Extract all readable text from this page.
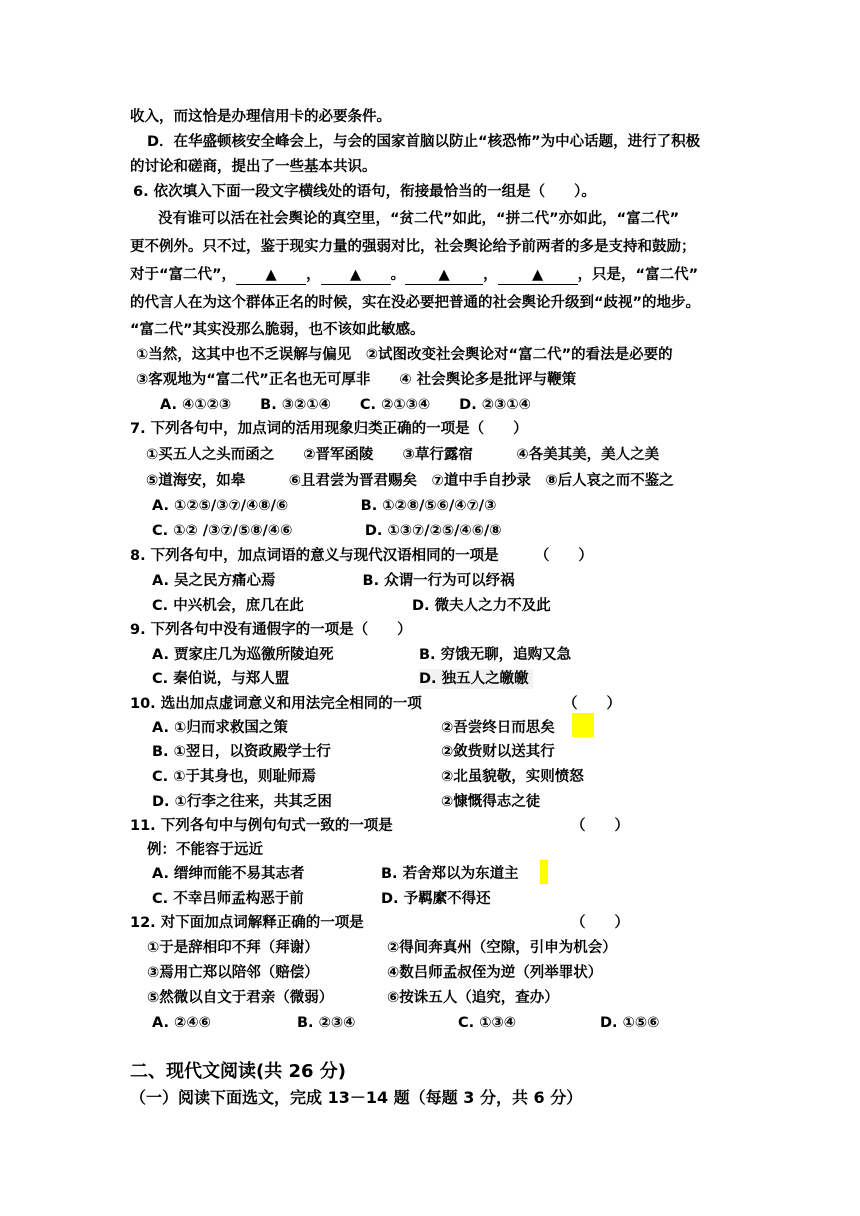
收入，而这恰是办理信用卡的必要条件。
D．在华盛顿核安全峰会上，与会的国家首脑以防止“核恐怖”为中心话题，进行了积极
的讨论和磋商，提出了一些基本共识。
6. 依次填入下面一段文字横线处的语句，衔接最恰当的一组是（　　）。
没有谁可以活在社会舆论的真空里，“贫二代”如此，“拼二代”亦如此，“富二代”
更不例外。只不过，鉴于现实力量的强弱对比，社会舆论给予前两者的多是支持和鼓励；
对于“富二代”， ▲ ， ▲ 。 ▲ ， ▲ ，只是，“富二代”
的代言人在为这个群体正名的时候，实在没必要把普通的社会舆论升级到“歧视”的地步。
“富二代”其实没那么脆弱，也不该如此敏感。
①当然，这其中也不乏误解与偏见　②试图改变社会舆论对“富二代”的看法是必要的
③客观地为“富二代”正名也无可厚非　　④ 社会舆论多是批评与鞭策
A. ④①②③　　B. ③②①④　　C. ②①③④　　D. ②③①④
7. 下列各句中，加点词的活用现象归类正确的一项是（　　）
①买五人之头而函之　　②晋军函陵　　③草行露宿　　　④各美其美，美人之美
⑤道海安，如皋　　　⑥且君尝为晋君赐矣　⑦道中手自抄录　⑧后人哀之而不鉴之
A. ①②⑤/③⑦/④⑧/⑥　　　　　B. ①②⑧/⑤⑥/④⑦/③
C. ①② /③⑦/⑤⑧/④⑥　　　　　D. ①③⑦/②⑤/④⑥/⑧
8. 下列各句中，加点词语的意义与现代汉语相同的一项是　　　（　　）
A. 吴之民方痛心焉　　　　　　B. 众谓一行为可以纾祸
C. 中兴机会，庶几在此	D. 微夫人之力不及此
9. 下列各句中没有通假字的一项是（　　）
A. 贾家庄几为巡徼所陵迫死	B. 穷饿无聊，追购又急
C. 秦伯说，与郑人盟	D. 独五人之皦皦
10. 选出加点虚词意义和用法完全相同的一项	（　　）
A. ①归而求救国之策	②吾尝终日而思矣
B. ①翌日，以资政殿学士行	②敛赀财以送其行
C. ①于其身也，则耻师焉	②北虽貌敬，实则愤怒
D. ①行李之往来，共其乏困	②慷慨得志之徒
11. 下列各句中与例句句式一致的一项是	（　　）
例：不能容于远近
A. 缙绅而能不易其志者	B. 若舍郑以为东道主
C. 不幸吕师孟构恶于前	D. 予羁縻不得还
12. 对下面加点词解释正确的一项是	（　　）
①于是辞相印不拜（拜谢）	②得间奔真州（空隙，引申为机会）
③焉用亡郑以陪邻（赔偿）	④数吕师孟叔侄为逆（列举罪状）
⑤然微以自文于君亲（微弱）	⑥按诛五人（追究，查办）
A. ②④⑥	B. ②③④	C. ①③④	D. ①⑤⑥
二、现代文阅读(共 26 分)
（一）阅读下面选文，完成 13－14 题（每题 3 分，共 6 分）
